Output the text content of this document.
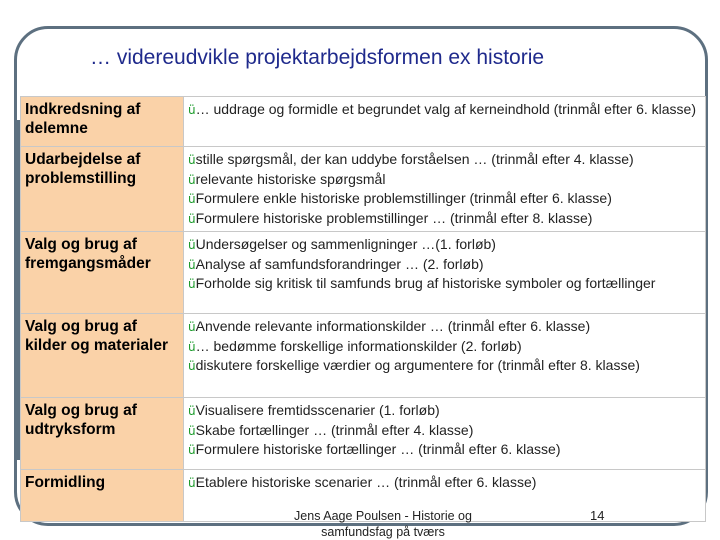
… videreudvikle projektarbejdsformen ex historie
Indkredsning af delemne	ü… uddrage og formidle et begrundet valg af kerneindhold (trinmål efter 6. klasse)

Udarbejdelse af problemstilling	üstille spørgsmål, der kan uddybe forståelsen … (trinmål efter 4. klasse)
ürelevante historiske spørgsmål
üFormulere enkle historiske problemstillinger (trinmål efter 6. klasse)
üFormulere historiske problemstillinger … (trinmål efter 8. klasse)

Valg og brug af fremgangsmåder	üUndersøgelser og sammenligninger …(1. forløb)
üAnalyse af samfundsforandringer … (2. forløb)
üForholde sig kritisk til samfunds brug af historiske symboler og fortællinger

Valg og brug af kilder og materialer	üAnvende relevante informationskilder … (trinmål efter 6. klasse)
ü… bedømme forskellige informationskilder (2. forløb)
üdiskutere forskellige værdier og argumentere for (trinmål efter 8. klasse)

Valg og brug af udtryksform	üVisualisere fremtidsscenarier (1. forløb)
üSkabe fortællinger … (trinmål efter 4. klasse)
üFormulere historiske fortællinger … (trinmål efter 6. klasse)

Formidling	üEtablere historiske scenarier … (trinmål efter 6. klasse)
Jens Aage Poulsen - Historie og samfundsfag på tværs
14
